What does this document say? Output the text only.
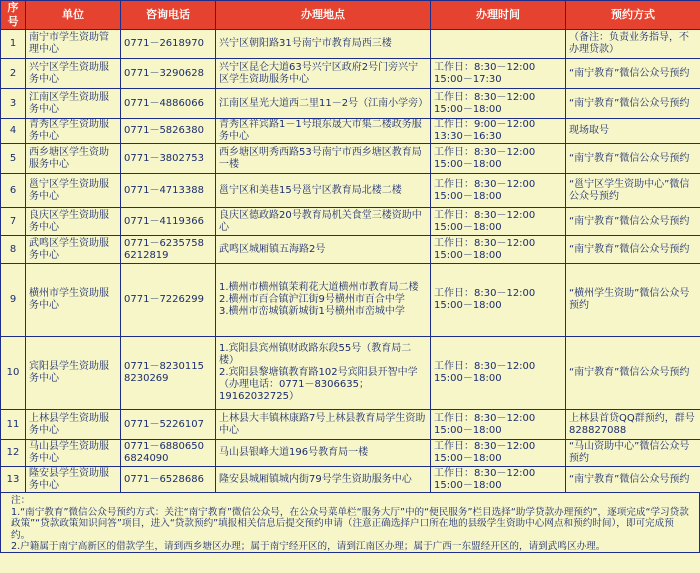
序号	单位	咨询电话	办理地点	办理时间	预约方式
1	南宁市学生资助管理中心	0771－2618970	兴宁区朝阳路31号南宁市教育局西三楼		（备注：负责业务指导，不办理贷款）
2	兴宁区学生资助服务中心	0771－3290628	兴宁区昆仑大道63号兴宁区政府2号门旁兴宁区学生资助服务中心	工作日：8:30－12:00
15:00－17:30	“南宁教育”微信公众号预约
3	江南区学生资助服务中心	0771－4886066	江南区星光大道西二里11－2号（江南小学旁）	工作日：8:30－12:00
15:00－18:00	“南宁教育”微信公众号预约
4	青秀区学生资助服务中心	0771－5826380	青秀区祥宾路1－1号琅东晟大市集二楼政务服务中心	工作日：9:00－12:00
13:30－16:30	现场取号
5	西乡塘区学生资助服务中心	0771－3802753	西乡塘区明秀西路53号南宁市西乡塘区教育局一楼	工作日：8:30－12:00
15:00－18:00	“南宁教育”微信公众号预约
6	邕宁区学生资助服务中心	0771－4713388	邕宁区和美巷15号邕宁区教育局北楼二楼	工作日：8:30－12:00
15:00－18:00	“邕宁区学生资助中心”微信公众号预约
7	良庆区学生资助服务中心	0771－4119366	良庆区德政路20号教育局机关食堂三楼资助中心	工作日：8:30－12:00
15:00－18:00	“南宁教育”微信公众号预约
8	武鸣区学生资助服务中心	0771－6235758
6212819	武鸣区城厢镇五海路2号	工作日：8:30－12:00
15:00－18:00	“南宁教育”微信公众号预约
9	横州市学生资助服务中心	0771－7226299	1.横州市横州镇茉莉花大道横州市教育局二楼
2.横州市百合镇沪江街9号横州市百合中学
3.横州市峦城镇新城街1号横州市峦城中学	工作日：8:30－12:00
15:00－18:00	“横州学生资助”微信公众号预约
10	宾阳县学生资助服务中心	0771－8230115
8230269	1.宾阳县宾州镇财政路东段55号（教育局二楼）
2.宾阳县黎塘镇教育路102号宾阳县开智中学（办理电话：0771－8306635；19162032725）	工作日：8:30－12:00
15:00－18:00	“南宁教育”微信公众号预约
11	上林县学生资助服务中心	0771－5226107	上林县大丰镇林康路7号上林县教育局学生资助中心	工作日：8:30－12:00
15:00－18:00	上林县首贷QQ群预约，群号828827088
12	马山县学生资助服务中心	0771－6880650
6824090	马山县银峰大道196号教育局一楼	工作日：8:30－12:00
15:00－18:00	“马山资助中心”微信公众号预约
13	隆安县学生资助服务中心	0771－6528686	隆安县城厢镇城内街79号学生资助服务中心	工作日：8:30－12:00
15:00－18:00	“南宁教育”微信公众号预约
注：
1.“南宁教育”微信公众号预约方式：关注“南宁教育”微信公众号，在公众号菜单栏“服务大厅”中的“便民服务”栏目选择“助学贷款办理预约”，逐项完成“学习贷款政策”“贷款政策知识问答”项目，进入“贷款预约”填报相关信息后提交预约申请（注意正确选择户口所在地的县级学生资助中心网点和预约时间），即可完成预约。
2.户籍属于南宁高新区的借款学生，请到西乡塘区办理；属于南宁经开区的，请到江南区办理；属于广西一东盟经开区的，请到武鸣区办理。
